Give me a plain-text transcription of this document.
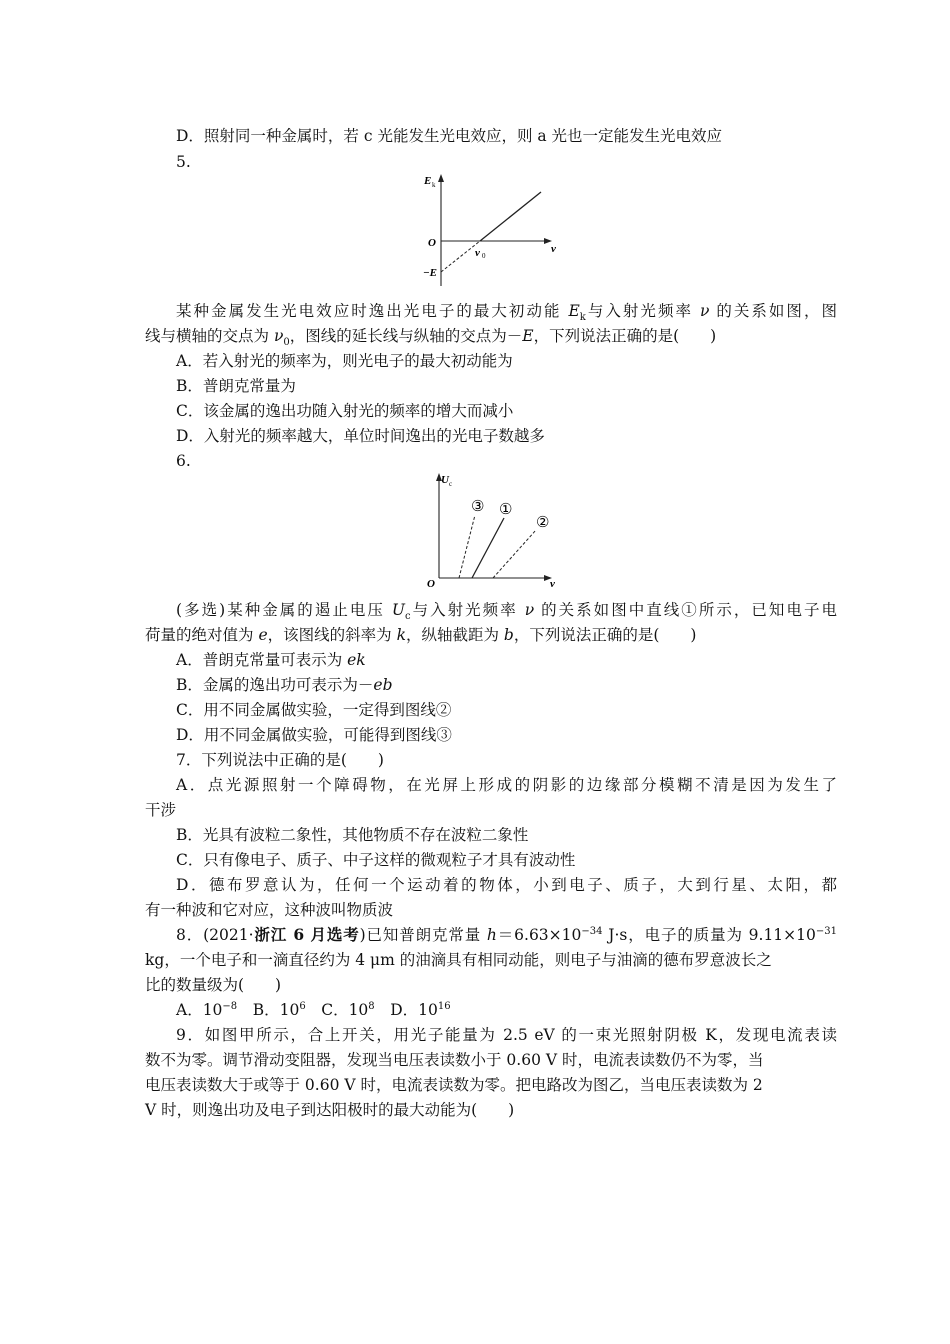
D．照射同一种金属时，若 c 光能发生光电效应，则 a 光也一定能发生光电效应
5.
E k
O
ν 0
ν
−E
某种金属发生光电效应时逸出光电子的最大初动能 $E_k$与入射光频率 ν 的关系如图，图
线与横轴的交点为 $\nu_0$，图线的延长线与纵轴的交点为－E，下列说法正确的是(　　)
A．若入射光的频率为，则光电子的最大初动能为
B．普朗克常量为
C．该金属的逸出功随入射光的频率的增大而减小
D．入射光的频率越大，单位时间逸出的光电子数越多
6.
U c
O	ν
①
②
③
(多选)某种金属的遏止电压 $U_c$与入射光频率 ν 的关系如图中直线①所示，已知电子电
荷量的绝对值为 e，该图线的斜率为 k，纵轴截距为 b，下列说法正确的是(　　)
A．普朗克常量可表示为 ek
B．金属的逸出功可表示为－eb
C．用不同金属做实验，一定得到图线②
D．用不同金属做实验，可能得到图线③
7．下列说法中正确的是(　　)
A．点光源照射一个障碍物，在光屏上形成的阴影的边缘部分模糊不清是因为发生了
干涉
B．光具有波粒二象性，其他物质不存在波粒二象性
C．只有像电子、质子、中子这样的微观粒子才具有波动性
D．德布罗意认为，任何一个运动着的物体，小到电子、质子，大到行星、太阳，都
有一种波和它对应，这种波叫物质波
8．(2021·浙江 6 月选考)已知普朗克常量 $h=6.63\times 10^{-34}$ J·s，电子的质量为 $9.11\times 10^{-31}$
kg，一个电子和一滴直径约为 4 μm 的油滴具有相同动能，则电子与油滴的德布罗意波长之
比的数量级为(　　)
A．$10^{-8}$　 B．$10^6$　 C．$10^8$　 D．$10^{16}$
9．如图甲所示，合上开关，用光子能量为 2.5 eV 的一束光照射阴极 K，发现电流表读
数不为零。调节滑动变阻器，发现当电压表读数小于 0.60 V 时，电流表读数仍不为零，当
电压表读数大于或等于 0.60 V 时，电流表读数为零。把电路改为图乙，当电压表读数为 2
V 时，则逸出功及电子到达阳极时的最大动能为(　　)
